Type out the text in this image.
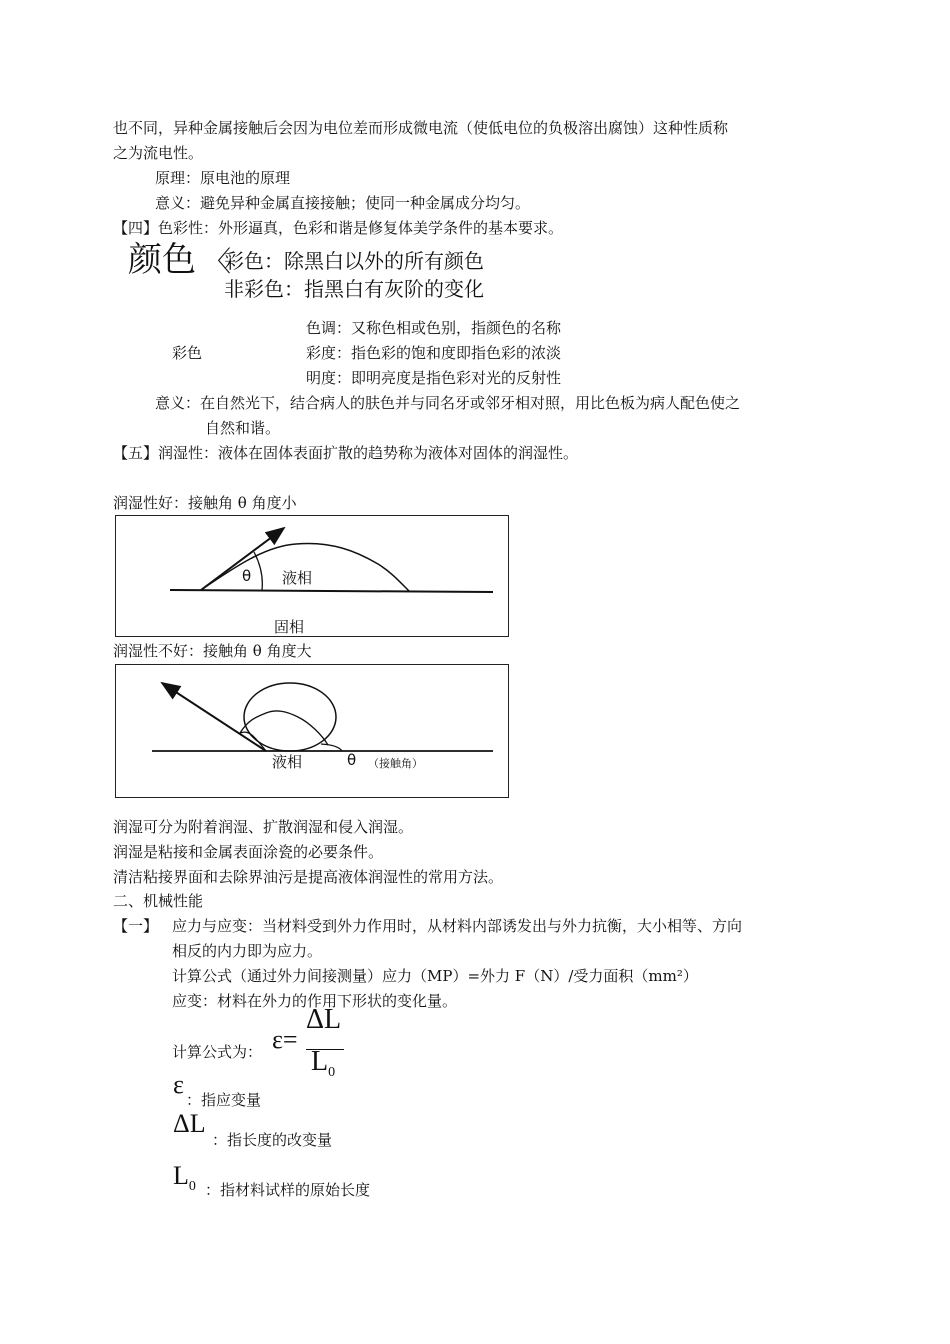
也不同，异种金属接触后会因为电位差而形成微电流（使低电位的负极溶出腐蚀）这种性质称
之为流电性。
原理：原电池的原理
意义：避免异种金属直接接触；使同一种金属成分均匀。
【四】色彩性：外形逼真，色彩和谐是修复体美学条件的基本要求。
颜色 〈
彩色：除黑白以外的所有颜色
非彩色：指黑白有灰阶的变化
彩色
色调：又称色相或色别，指颜色的名称
彩度：指色彩的饱和度即指色彩的浓淡
明度：即明亮度是指色彩对光的反射性
意义：在自然光下，结合病人的肤色并与同名牙或邻牙相对照，用比色板为病人配色使之
自然和谐。
【五】润湿性：液体在固体表面扩散的趋势称为液体对固体的润湿性。
润湿性好：接触角 θ 角度小
θ 液相
固相
润湿性不好：接触角 θ 角度大
液相	θ （接触角）
润湿可分为附着润湿、扩散润湿和侵入润湿。
润湿是粘接和金属表面涂瓷的必要条件。
清洁粘接界面和去除界油污是提高液体润湿性的常用方法。
二、机械性能
【一】 应力与应变：当材料受到外力作用时，从材料内部诱发出与外力抗衡，大小相等、方向
相反的内力即为应力。
计算公式（通过外力间接测量）应力（MP）=外力 F（N）/受力面积（mm²）
应变：材料在外力的作用下形状的变化量。
计算公式为： ε=
ΔL
$L_0$
ε
：指应变量
ΔL
：指长度的改变量
$L_0$ ：指材料试样的原始长度
